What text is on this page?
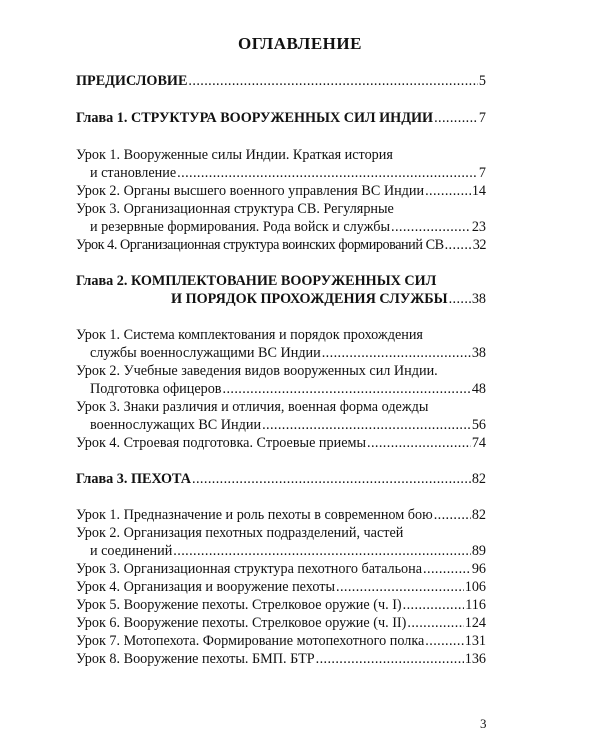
ОГЛАВЛЕНИЕ
ПРЕДИСЛОВИЕ .....	5
Глава 1. СТРУКТУРА ВООРУЖЕННЫХ СИЛ ИНДИИ .....	7
Урок 1. Вооруженные силы Индии. Краткая история
и становление .....	7
Урок 2. Органы высшего военного управления ВС Индии .....	14
Урок 3. Организационная структура СВ. Регулярные
и резервные формирования. Рода войск и службы .....	23
Урок 4. Организационная структура воинских формирований СВ ..... 32
Глава 2. КОМПЛЕКТОВАНИЕ ВООРУЖЕННЫХ СИЛ
И ПОРЯДОК ПРОХОЖДЕНИЯ СЛУЖБЫ ..... 38
Урок 1. Система комплектования и порядок прохождения
службы военнослужащими ВС Индии .....	38
Урок 2. Учебные заведения видов вооруженных сил Индии.
Подготовка офицеров .....	48
Урок 3. Знаки различия и отличия, военная форма одежды
военнослужащих ВС Индии .....	56
Урок 4. Строевая подготовка. Строевые приемы .....	74
Глава 3. ПЕХОТА .....	82
Урок 1. Предназначение и роль пехоты в современном бою .....	82
Урок 2. Организация пехотных подразделений, частей
и соединений .....	89
Урок 3. Организационная структура пехотного батальона .....	96
Урок 4. Организация и вооружение пехоты .....	106
Урок 5. Вооружение пехоты. Стрелковое оружие (ч. I) .....	116
Урок 6. Вооружение пехоты. Стрелковое оружие (ч. II) .....	124
Урок 7. Мотопехота. Формирование мотопехотного полка .....	131
Урок 8. Вооружение пехоты. БМП. БТР .....	136
3
